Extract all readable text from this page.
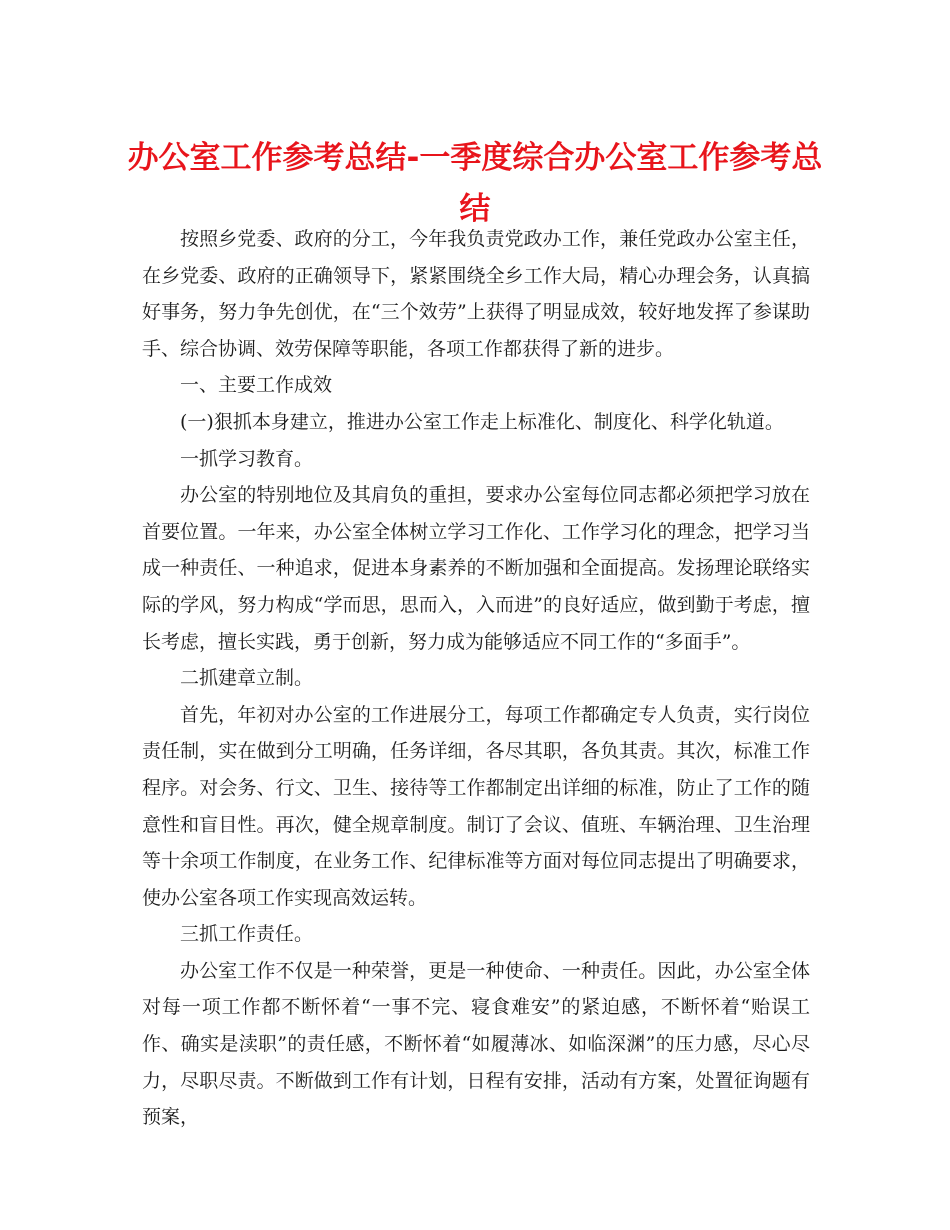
办公室工作参考总结-一季度综合办公室工作参考总结

按照乡党委、政府的分工，今年我负责党政办工作，兼任党政办公室主任，在乡党委、政府的正确领导下，紧紧围绕全乡工作大局，精心办理会务，认真搞好事务，努力争先创优，在“三个效劳”上获得了明显成效，较好地发挥了参谋助手、综合协调、效劳保障等职能，各项工作都获得了新的进步。

一、主要工作成效

(一)狠抓本身建立，推进办公室工作走上标准化、制度化、科学化轨道。

一抓学习教育。

办公室的特别地位及其肩负的重担，要求办公室每位同志都必须把学习放在首要位置。一年来，办公室全体树立学习工作化、工作学习化的理念，把学习当成一种责任、一种追求，促进本身素养的不断加强和全面提高。发扬理论联络实际的学风，努力构成“学而思，思而入，入而进”的良好适应，做到勤于考虑，擅长考虑，擅长实践，勇于创新，努力成为能够适应不同工作的“多面手”。

二抓建章立制。

首先，年初对办公室的工作进展分工，每项工作都确定专人负责，实行岗位责任制，实在做到分工明确，任务详细，各尽其职，各负其责。其次，标准工作程序。对会务、行文、卫生、接待等工作都制定出详细的标准，防止了工作的随意性和盲目性。再次，健全规章制度。制订了会议、值班、车辆治理、卫生治理等十余项工作制度，在业务工作、纪律标准等方面对每位同志提出了明确要求，使办公室各项工作实现高效运转。

三抓工作责任。

办公室工作不仅是一种荣誉，更是一种使命、一种责任。因此，办公室全体对每一项工作都不断怀着“一事不完、寝食难安”的紧迫感，不断怀着“贻误工作、确实是渎职”的责任感，不断怀着“如履薄冰、如临深渊”的压力感，尽心尽力，尽职尽责。不断做到工作有计划，日程有安排，活动有方案，处置征询题有预案，
